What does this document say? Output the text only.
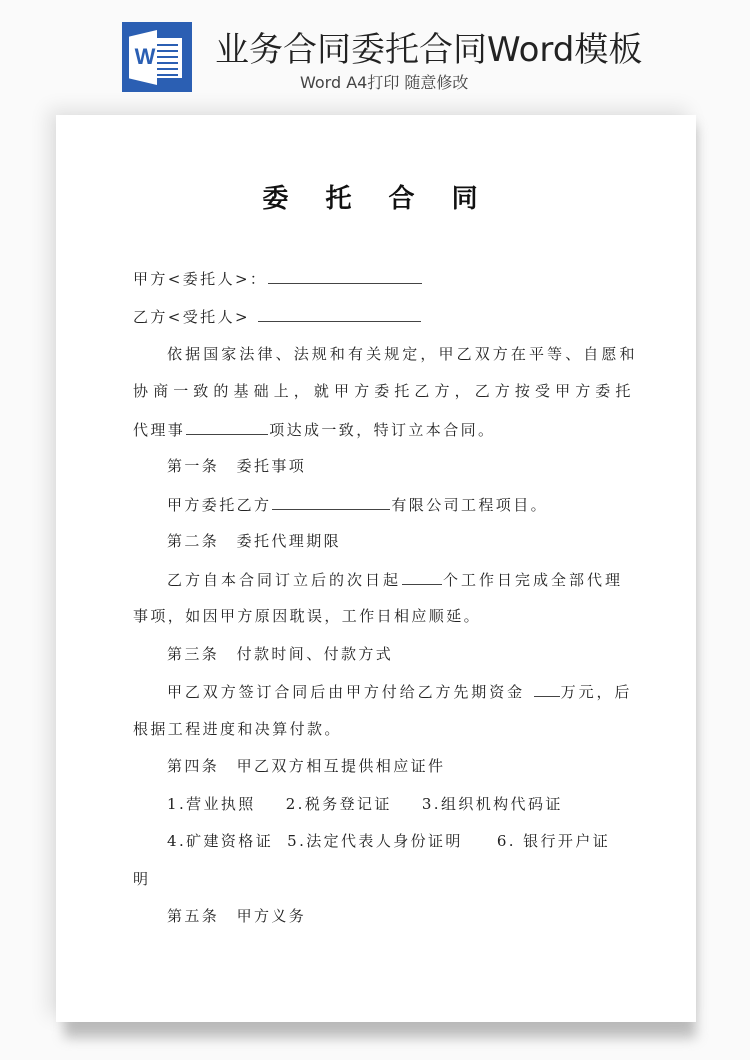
W 业务合同委托合同Word模板
Word A4打印 随意修改
委 托 合 同
甲方<委托人>：
乙方<受托人>
依据国家法律、法规和有关规定，甲乙双方在平等、自愿和
协商一致的基础上，就甲方委托乙方，乙方按受甲方委托
代理事	项达成一致，特订立本合同。
第一条　委托事项
甲方委托乙方	有限公司工程项目。
第二条　委托代理期限
乙方自本合同订立后的次日起	个工作日完成全部代理
事项，如因甲方原因耽误，工作日相应顺延。
第三条　付款时间、付款方式
甲乙双方签订合同后由甲方付给乙方先期资金 万元，后
根据工程进度和决算付款。
第四条　甲乙双方相互提供相应证件
1.营业执照 2.税务登记证 3.组织机构代码证
4.矿建资格证 5.法定代表人身份证明 6. 银行开户证
明
第五条　甲方义务
